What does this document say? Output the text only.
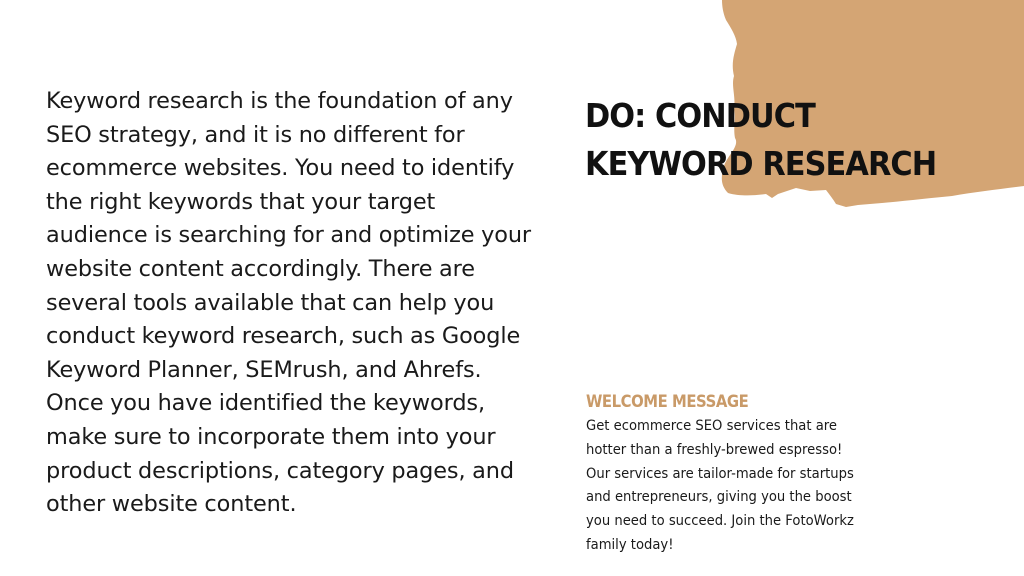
Keyword research is the foundation of any
SEO strategy, and it is no different for
ecommerce websites. You need to identify
the right keywords that your target
audience is searching for and optimize your
website content accordingly. There are
several tools available that can help you
conduct keyword research, such as Google
Keyword Planner, SEMrush, and Ahrefs.
Once you have identified the keywords,
make sure to incorporate them into your
product descriptions, category pages, and
other website content.
DO: CONDUCT
KEYWORD RESEARCH
WELCOME MESSAGE
Get ecommerce SEO services that are
hotter than a freshly-brewed espresso!
Our services are tailor-made for startups
and entrepreneurs, giving you the boost
you need to succeed. Join the FotoWorkz
family today!
